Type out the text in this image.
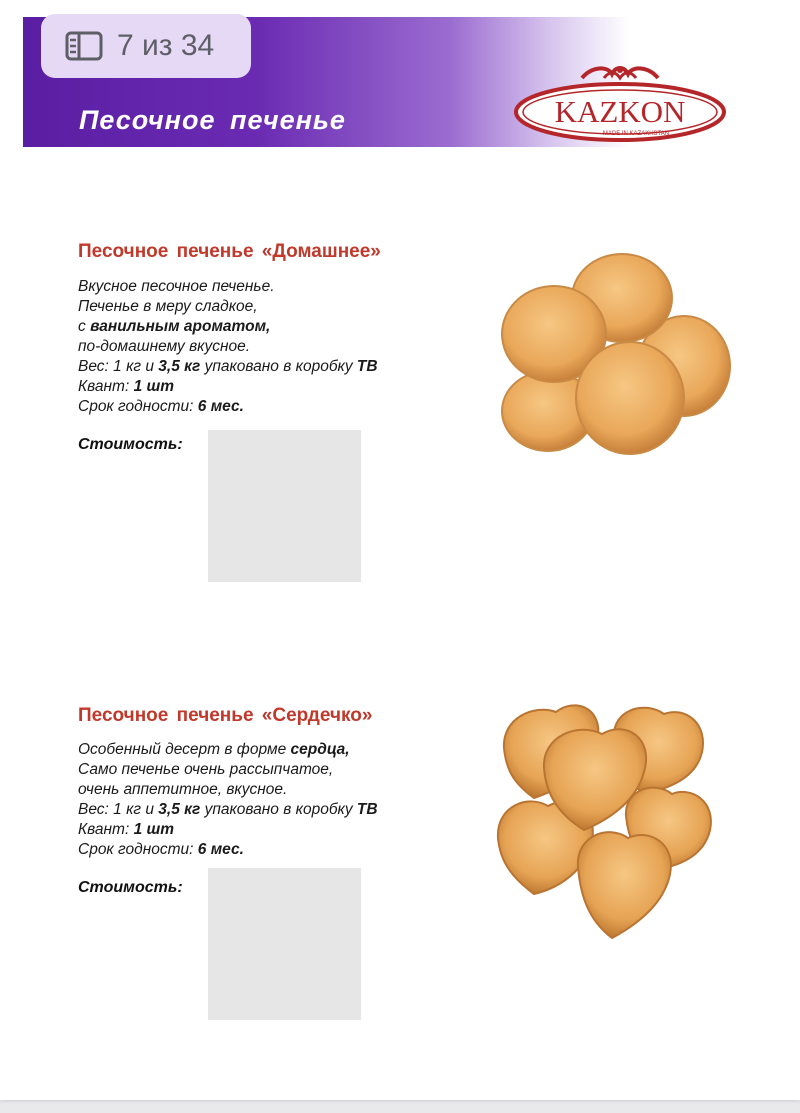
Песочное печенье
7 из 34
KAZKON
MADE IN KAZAKHSTAN
Песочное печенье «Домашнее»
Вкусное песочное печенье.
Печенье в меру сладкое,
с ванильным ароматом,
по-домашнему вкусное.
Вес: 1 кг и 3,5 кг упаковано в коробку ТВ
Квант: 1 шт
Срок годности: 6 мес.
Стоимость:
Песочное печенье «Сердечко»
Особенный десерт в форме сердца,
Само печенье очень рассыпчатое,
очень аппетитное, вкусное.
Вес: 1 кг и 3,5 кг упаковано в коробку ТВ
Квант: 1 шт
Срок годности: 6 мес.
Стоимость:
